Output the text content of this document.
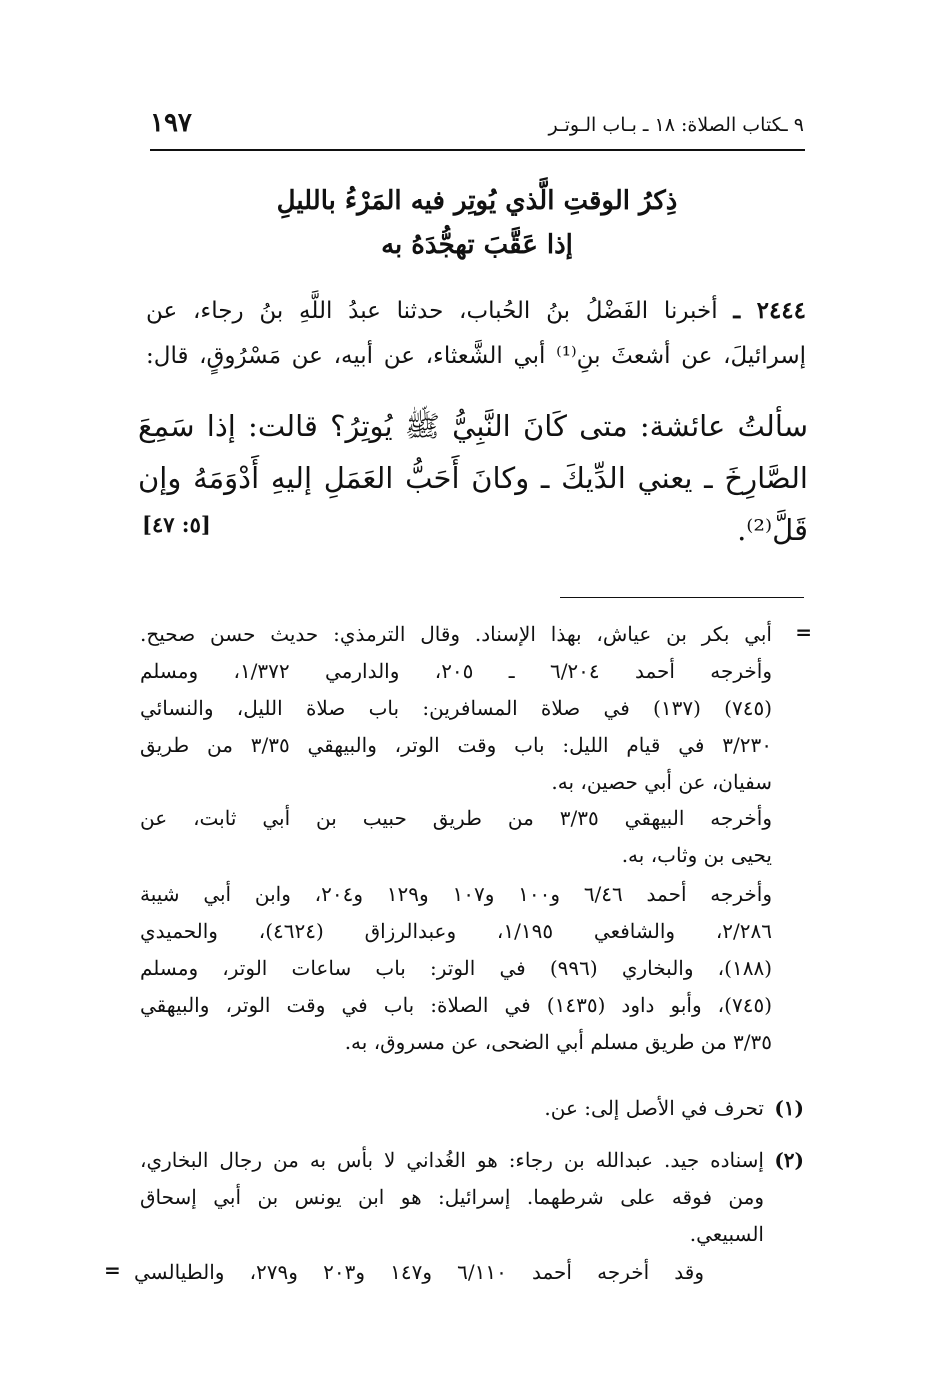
٩ ـكتاب الصلاة: ١٨ ـ بـاب الـوتـر
١٩٧
ذِكرُ الوقتِ الَّذي يُوتِر فيه المَرْءُ بالليلِ
إذا عَقَّبَ تهجُّدَهُ به
٢٤٤٤ ـ أخبرنا الفَضْلُ بنُ الحُباب، حدثنا عبدُ اللَّهِ بنُ رجاء، عن
إسرائيلَ، عن أشعثَ بنِ⁽¹⁾ أبي الشَّعثاء، عن أبيه، عن مَسْرُوقٍ، قال:
سألتُ عائشة: متى كَانَ النَّبِيُّ ﷺ يُوتِرُ؟ قالت: إذا سَمِعَ
الصَّارِخَ ـ يعني الدِّيكَ ـ وكانَ أَحَبُّ العَمَلِ إليهِ أَدْوَمَهُ وإن
قَلَّ⁽²⁾.
[٥: ٤٧]
=
أبي بكر بن عياش، بهذا الإسناد. وقال الترمذي: حديث حسن صحيح.
وأخرجه أحمد ٦/٢٠٤ ـ ٢٠٥، والدارمي ١/٣٧٢، ومسلم
(٧٤٥) (١٣٧) في صلاة المسافرين: باب صلاة الليل، والنسائي
٣/٢٣٠ في قيام الليل: باب وقت الوتر، والبيهقي ٣/٣٥ من طريق
سفيان، عن أبي حصين، به.
وأخرجه البيهقي ٣/٣٥ من طريق حبيب بن أبي ثابت، عن
يحيى بن وثاب، به.
وأخرجه أحمد ٦/٤٦ و١٠٠ و١٠٧ و١٢٩ و٢٠٤، وابن أبي شيبة
٢/٢٨٦، والشافعي ١/١٩٥، وعبدالرزاق (٤٦٢٤)، والحميدي
(١٨٨)، والبخاري (٩٩٦) في الوتر: باب ساعات الوتر، ومسلم
(٧٤٥)، وأبو داود (١٤٣٥) في الصلاة: باب في وقت الوتر، والبيهقي
٣/٣٥ من طريق مسلم أبي الضحى، عن مسروق، به.
(١)
تحرف في الأصل إلى: عن.
(٢)
إسناده جيد. عبدالله بن رجاء: هو الغُداني لا بأس به من رجال البخاري،
ومن فوقه على شرطهما. إسرائيل: هو ابن يونس بن أبي إسحاق
السبيعي.
وقد أخرجه أحمد ٦/١١٠ و١٤٧ و٢٠٣ و٢٧٩، والطيالسي
=
